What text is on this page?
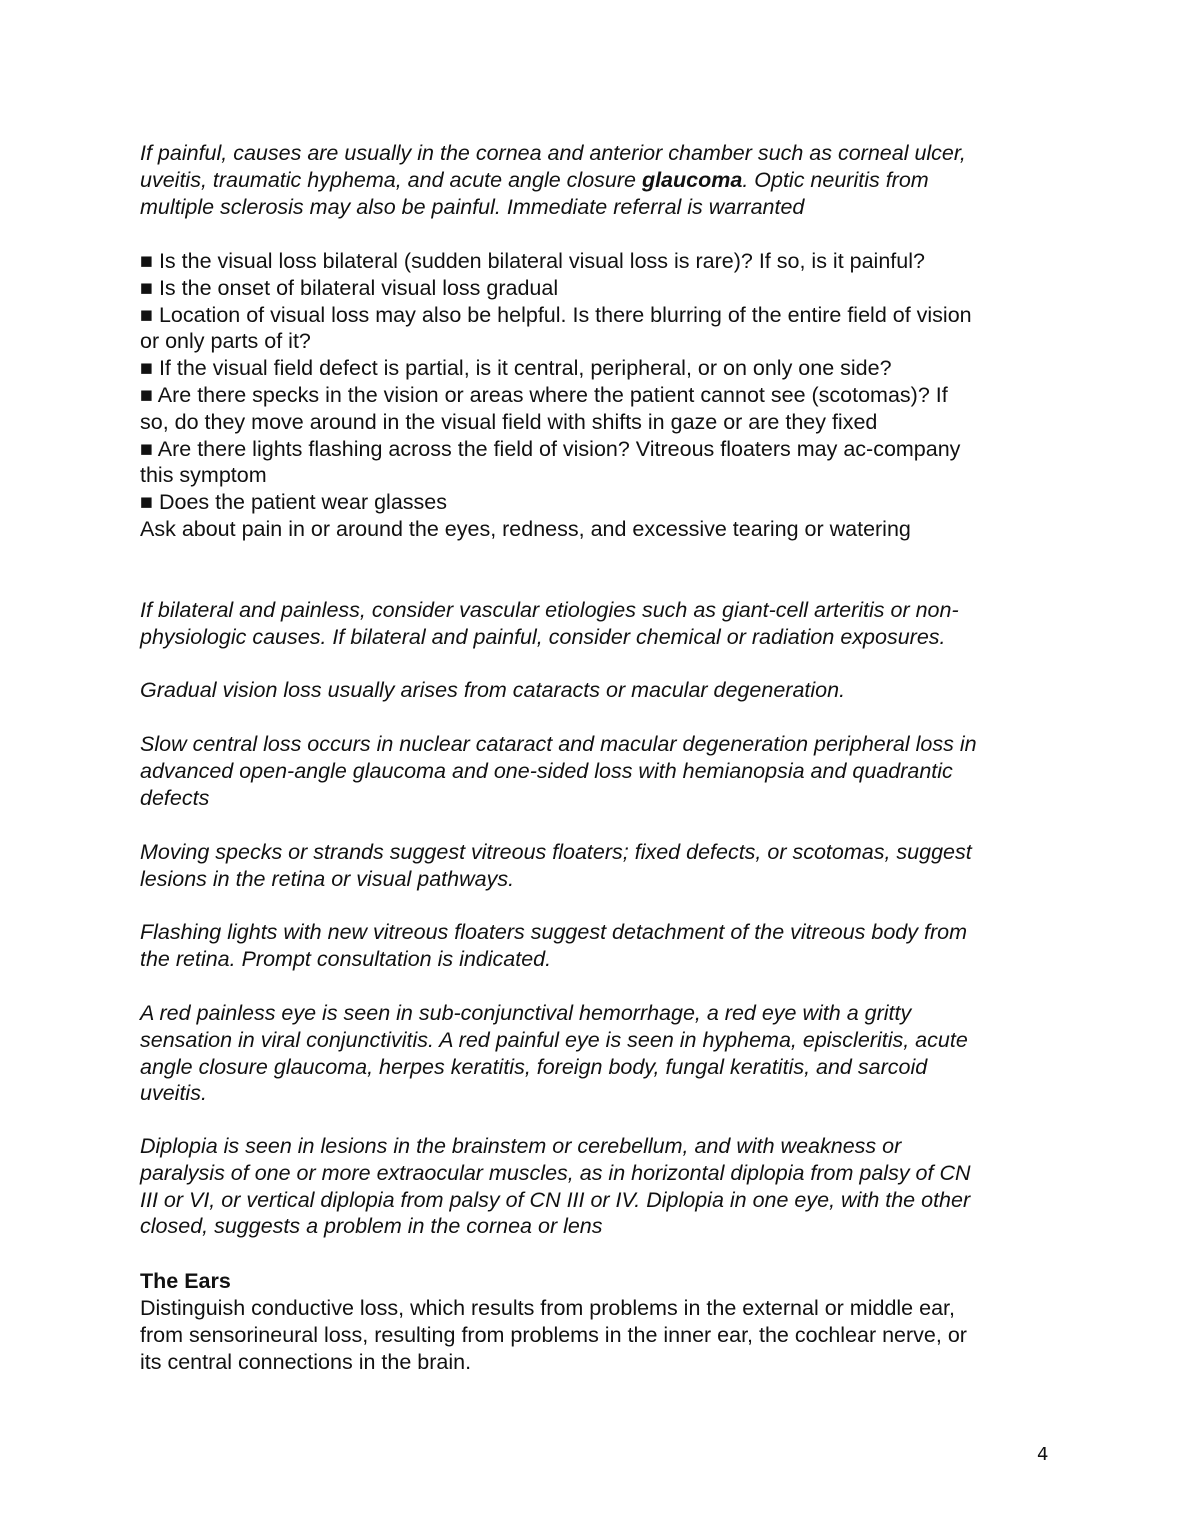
If painful, causes are usually in the cornea and anterior chamber such as corneal ulcer,
uveitis, traumatic hyphema, and acute angle closure glaucoma. Optic neuritis from
multiple sclerosis may also be painful. Immediate referral is warranted
■ Is the visual loss bilateral (sudden bilateral visual loss is rare)? If so, is it painful?
■ Is the onset of bilateral visual loss gradual
■ Location of visual loss may also be helpful. Is there blurring of the entire field of vision
or only parts of it?
■ If the visual field defect is partial, is it central, peripheral, or on only one side?
■ Are there specks in the vision or areas where the patient cannot see (scotomas)? If
so, do they move around in the visual field with shifts in gaze or are they fixed
■ Are there lights flashing across the field of vision? Vitreous floaters may ac-company
this symptom
■ Does the patient wear glasses
Ask about pain in or around the eyes, redness, and excessive tearing or watering
If bilateral and painless, consider vascular etiologies such as giant-cell arteritis or non-
physiologic causes. If bilateral and painful, consider chemical or radiation exposures.
Gradual vision loss usually arises from cataracts or macular degeneration.
Slow central loss occurs in nuclear cataract and macular degeneration peripheral loss in
advanced open-angle glaucoma and one-sided loss with hemianopsia and quadrantic
defects
Moving specks or strands suggest vitreous floaters; fixed defects, or scotomas, suggest
lesions in the retina or visual pathways.
Flashing lights with new vitreous floaters suggest detachment of the vitreous body from
the retina. Prompt consultation is indicated.
A red painless eye is seen in sub-conjunctival hemorrhage, a red eye with a gritty
sensation in viral conjunctivitis. A red painful eye is seen in hyphema, episcleritis, acute
angle closure glaucoma, herpes keratitis, foreign body, fungal keratitis, and sarcoid
uveitis.
Diplopia is seen in lesions in the brainstem or cerebellum, and with weakness or
paralysis of one or more extraocular muscles, as in horizontal diplopia from palsy of CN
III or VI, or vertical diplopia from palsy of CN III or IV. Diplopia in one eye, with the other
closed, suggests a problem in the cornea or lens
The Ears
Distinguish conductive loss, which results from problems in the external or middle ear,
from sensorineural loss, resulting from problems in the inner ear, the cochlear nerve, or
its central connections in the brain.
4
